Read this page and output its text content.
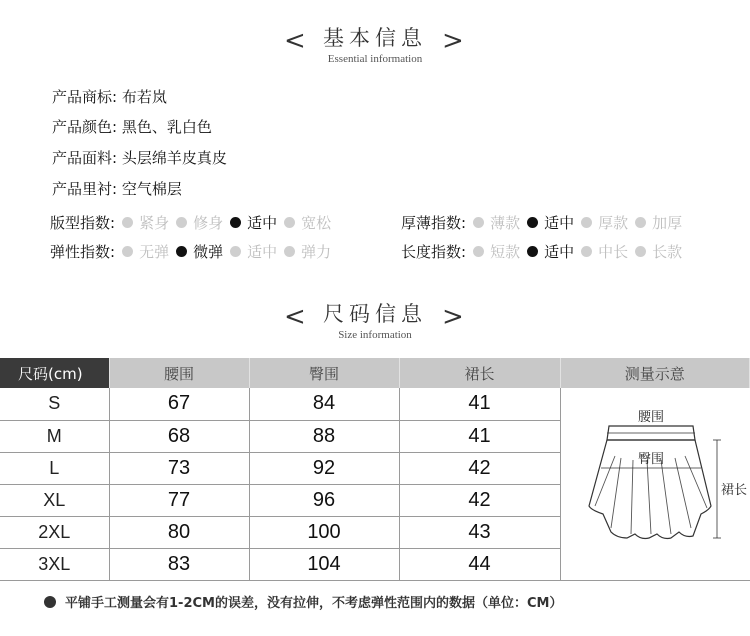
< 基本信息
Essential information
>
产品商标: 布若岚
产品颜色: 黑色、乳白色
产品面料: 头层绵羊皮真皮
产品里衬: 空气棉层
版型指数: 紧身 修身 适中 宽松	厚薄指数: 薄款 适中 厚款 加厚
弹性指数: 无弹 微弹 适中 弹力	长度指数: 短款 适中 中长 长款
< 尺码信息
Size information
>
尺码(cm)	腰围	臀围	裙长	测量示意
S	67	84	41	腰围
臀围
裙长

M	68	88	41	
L	73	92	42	
XL	77	96	42	
2XL	80	100	43	
3XL	83	104	44	
平铺手工测量会有1-2CM的误差，没有拉伸，不考虑弹性范围内的数据（单位：CM）
